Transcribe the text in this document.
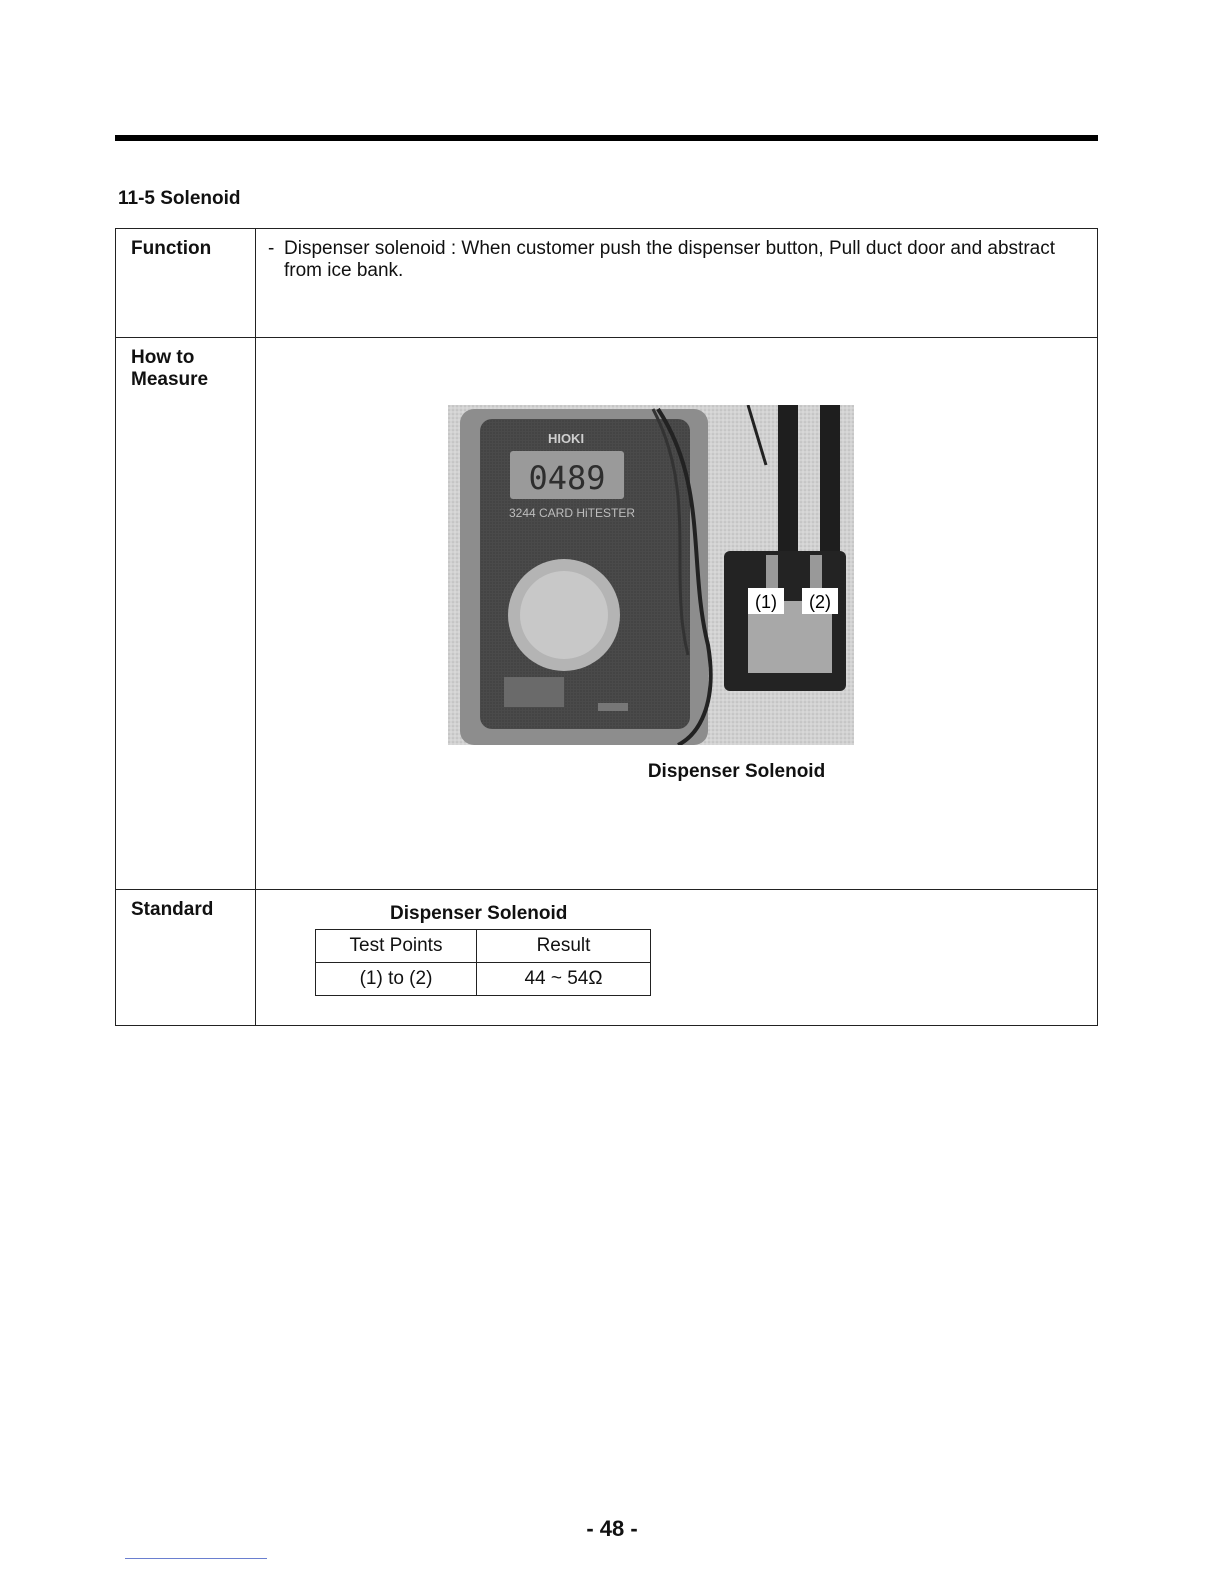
11-5 Solenoid
Function	- Dispenser solenoid : When customer push the dispenser button, Pull duct door and abstract from ice bank.

How to Measure	
HIOKI
0489
3244 CARD HiTESTER
(1) (2)
Dispenser Solenoid

Standard	Dispenser Solenoid
Test Points	Result
(1) to (2)	44 ~ 54Ω
- 48 -
